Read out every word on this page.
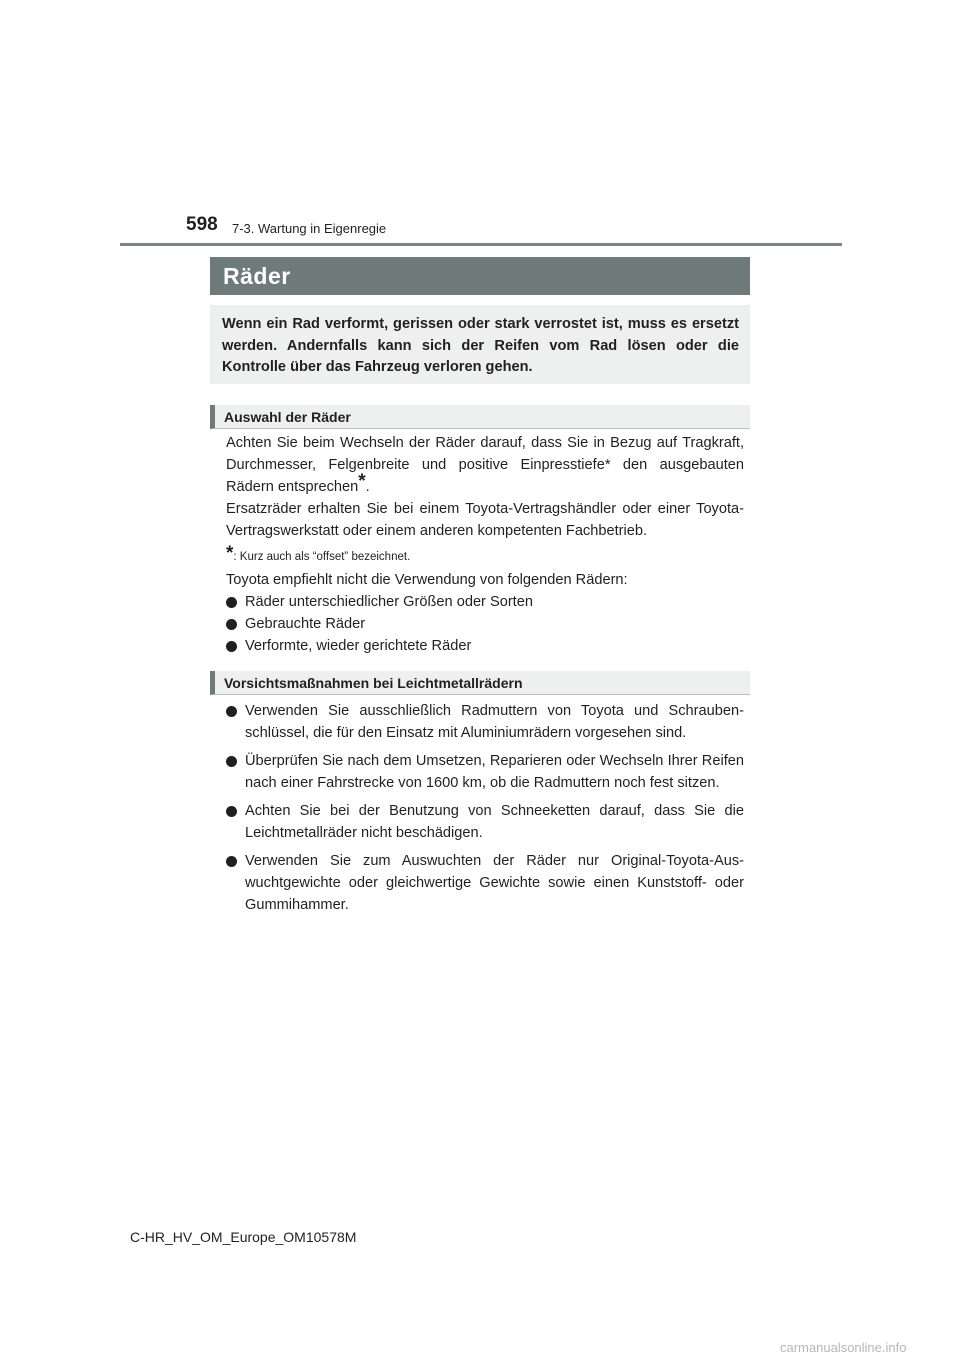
598 7-3. Wartung in Eigenregie
Räder

Wenn ein Rad verformt, gerissen oder stark verrostet ist, muss es ersetzt werden. Andernfalls kann sich der Reifen vom Rad lösen oder die Kontrolle über das Fahrzeug verloren gehen.

Auswahl der Räder

Achten Sie beim Wechseln der Räder darauf, dass Sie in Bezug auf Tragkraft, Durchmesser, Felgenbreite und positive Einpresstiefe* den ausgebauten Rädern entsprechen*.

Ersatzräder erhalten Sie bei einem Toyota-Vertragshändler oder einer Toyota-Vertragswerkstatt oder einem anderen kompetenten Fachbetrieb.

*: Kurz auch als “offset” bezeichnet.

Toyota empfiehlt nicht die Verwendung von folgenden Rädern:

Räder unterschiedlicher Größen oder Sorten
Gebrauchte Räder
Verformte, wieder gerichtete Räder
Vorsichtsmaßnahmen bei Leichtmetallrädern
Verwenden Sie ausschließlich Radmuttern von Toyota und Schraubenschlüssel, die für den Einsatz mit Aluminiumrädern vorgesehen sind.
Überprüfen Sie nach dem Umsetzen, Reparieren oder Wechseln Ihrer Reifen nach einer Fahrstrecke von 1600 km, ob die Radmuttern noch fest sitzen.
Achten Sie bei der Benutzung von Schneeketten darauf, dass Sie die Leichtmetallräder nicht beschädigen.
Verwenden Sie zum Auswuchten der Räder nur Original-Toyota-Auswuchtgewichte oder gleichwertige Gewichte sowie einen Kunststoff- oder Gummihammer.
C-HR_HV_OM_Europe_OM10578M
carmanualsonline.info
